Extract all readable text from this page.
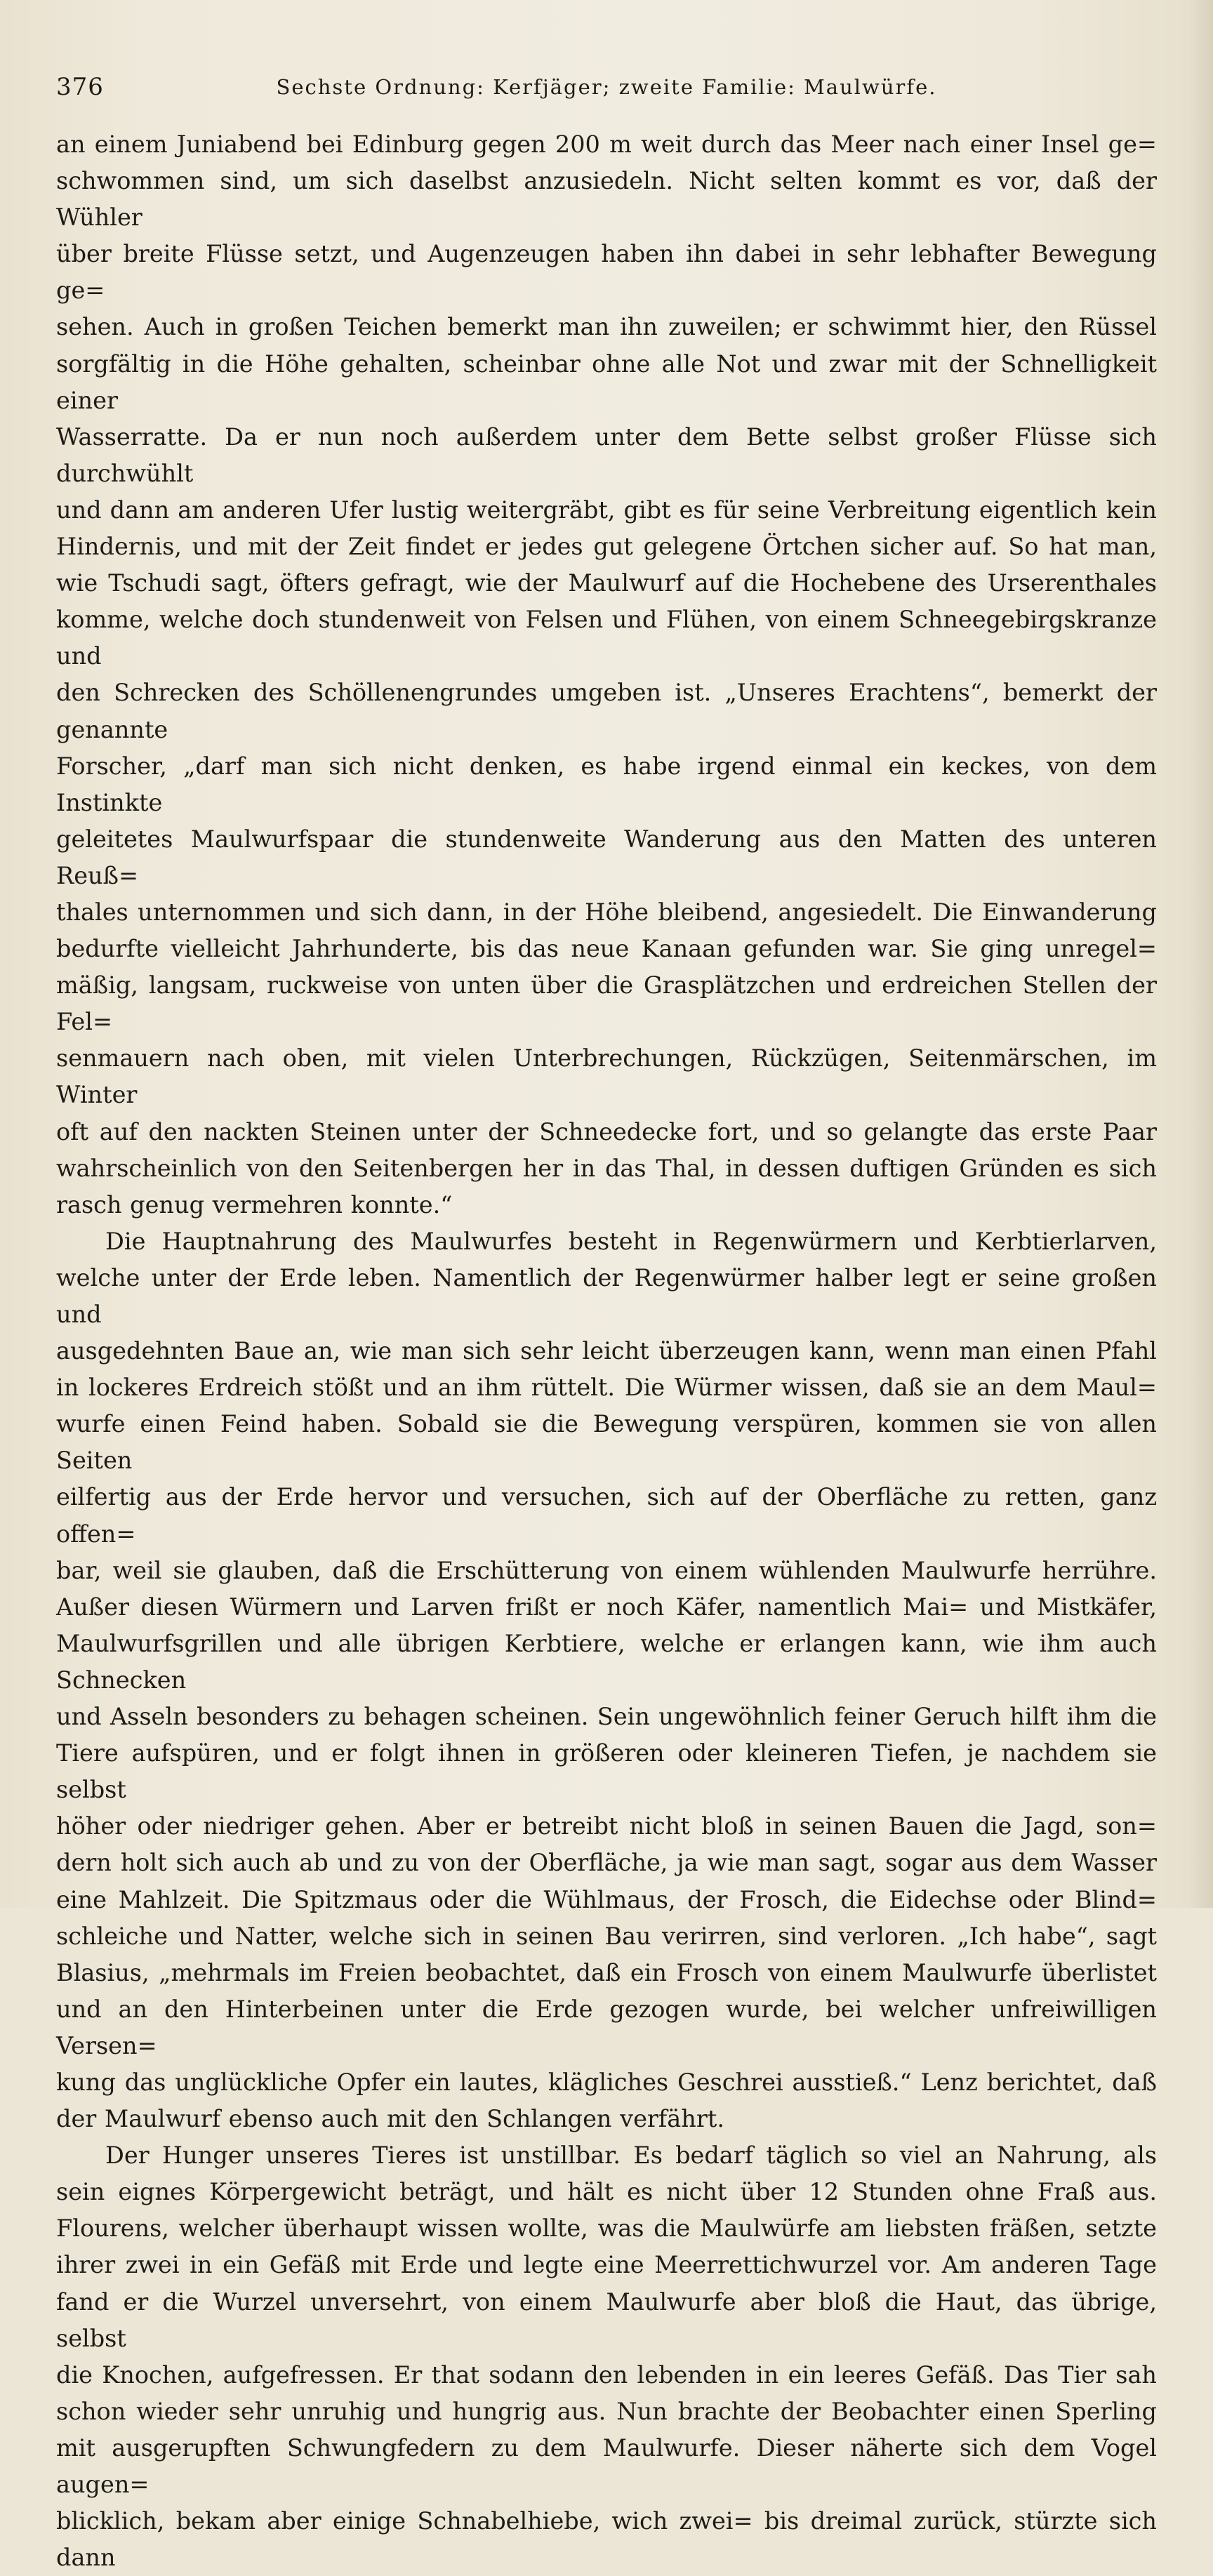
376	Sechste Ordnung: Kerfjäger; zweite Familie: Maulwürfe.

an einem Juniabend bei Edinburg gegen 200 m weit durch das Meer nach einer Insel ge=

schwommen sind, um sich daselbst anzusiedeln. Nicht selten kommt es vor, daß der Wühler

über breite Flüsse setzt, und Augenzeugen haben ihn dabei in sehr lebhafter Bewegung ge=

sehen. Auch in großen Teichen bemerkt man ihn zuweilen; er schwimmt hier, den Rüssel

sorgfältig in die Höhe gehalten, scheinbar ohne alle Not und zwar mit der Schnelligkeit einer

Wasserratte. Da er nun noch außerdem unter dem Bette selbst großer Flüsse sich durchwühlt

und dann am anderen Ufer lustig weitergräbt, gibt es für seine Verbreitung eigentlich kein

Hindernis, und mit der Zeit findet er jedes gut gelegene Örtchen sicher auf. So hat man,

wie Tschudi sagt, öfters gefragt, wie der Maulwurf auf die Hochebene des Urserenthales

komme, welche doch stundenweit von Felsen und Flühen, von einem Schneegebirgskranze und

den Schrecken des Schöllenengrundes umgeben ist. „Unseres Erachtens“, bemerkt der genannte

Forscher, „darf man sich nicht denken, es habe irgend einmal ein keckes, von dem Instinkte

geleitetes Maulwurfspaar die stundenweite Wanderung aus den Matten des unteren Reuß=

thales unternommen und sich dann, in der Höhe bleibend, angesiedelt. Die Einwanderung

bedurfte vielleicht Jahrhunderte, bis das neue Kanaan gefunden war. Sie ging unregel=

mäßig, langsam, ruckweise von unten über die Grasplätzchen und erdreichen Stellen der Fel=

senmauern nach oben, mit vielen Unterbrechungen, Rückzügen, Seitenmärschen, im Winter

oft auf den nackten Steinen unter der Schneedecke fort, und so gelangte das erste Paar

wahrscheinlich von den Seitenbergen her in das Thal, in dessen duftigen Gründen es sich

rasch genug vermehren konnte.“

Die Hauptnahrung des Maulwurfes besteht in Regenwürmern und Kerbtierlarven,

welche unter der Erde leben. Namentlich der Regenwürmer halber legt er seine großen und

ausgedehnten Baue an, wie man sich sehr leicht überzeugen kann, wenn man einen Pfahl

in lockeres Erdreich stößt und an ihm rüttelt. Die Würmer wissen, daß sie an dem Maul=

wurfe einen Feind haben. Sobald sie die Bewegung verspüren, kommen sie von allen Seiten

eilfertig aus der Erde hervor und versuchen, sich auf der Oberfläche zu retten, ganz offen=

bar, weil sie glauben, daß die Erschütterung von einem wühlenden Maulwurfe herrühre.

Außer diesen Würmern und Larven frißt er noch Käfer, namentlich Mai= und Mistkäfer,

Maulwurfsgrillen und alle übrigen Kerbtiere, welche er erlangen kann, wie ihm auch Schnecken

und Asseln besonders zu behagen scheinen. Sein ungewöhnlich feiner Geruch hilft ihm die

Tiere aufspüren, und er folgt ihnen in größeren oder kleineren Tiefen, je nachdem sie selbst

höher oder niedriger gehen. Aber er betreibt nicht bloß in seinen Bauen die Jagd, son=

dern holt sich auch ab und zu von der Oberfläche, ja wie man sagt, sogar aus dem Wasser

eine Mahlzeit. Die Spitzmaus oder die Wühlmaus, der Frosch, die Eidechse oder Blind=

schleiche und Natter, welche sich in seinen Bau verirren, sind verloren. „Ich habe“, sagt

Blasius, „mehrmals im Freien beobachtet, daß ein Frosch von einem Maulwurfe überlistet

und an den Hinterbeinen unter die Erde gezogen wurde, bei welcher unfreiwilligen Versen=

kung das unglückliche Opfer ein lautes, klägliches Geschrei ausstieß.“ Lenz berichtet, daß

der Maulwurf ebenso auch mit den Schlangen verfährt.

Der Hunger unseres Tieres ist unstillbar. Es bedarf täglich so viel an Nahrung, als

sein eignes Körpergewicht beträgt, und hält es nicht über 12 Stunden ohne Fraß aus.

Flourens, welcher überhaupt wissen wollte, was die Maulwürfe am liebsten fräßen, setzte

ihrer zwei in ein Gefäß mit Erde und legte eine Meerrettichwurzel vor. Am anderen Tage

fand er die Wurzel unversehrt, von einem Maulwurfe aber bloß die Haut, das übrige, selbst

die Knochen, aufgefressen. Er that sodann den lebenden in ein leeres Gefäß. Das Tier sah

schon wieder sehr unruhig und hungrig aus. Nun brachte der Beobachter einen Sperling

mit ausgerupften Schwungfedern zu dem Maulwurfe. Dieser näherte sich dem Vogel augen=

blicklich, bekam aber einige Schnabelhiebe, wich zwei= bis dreimal zurück, stürzte sich dann
